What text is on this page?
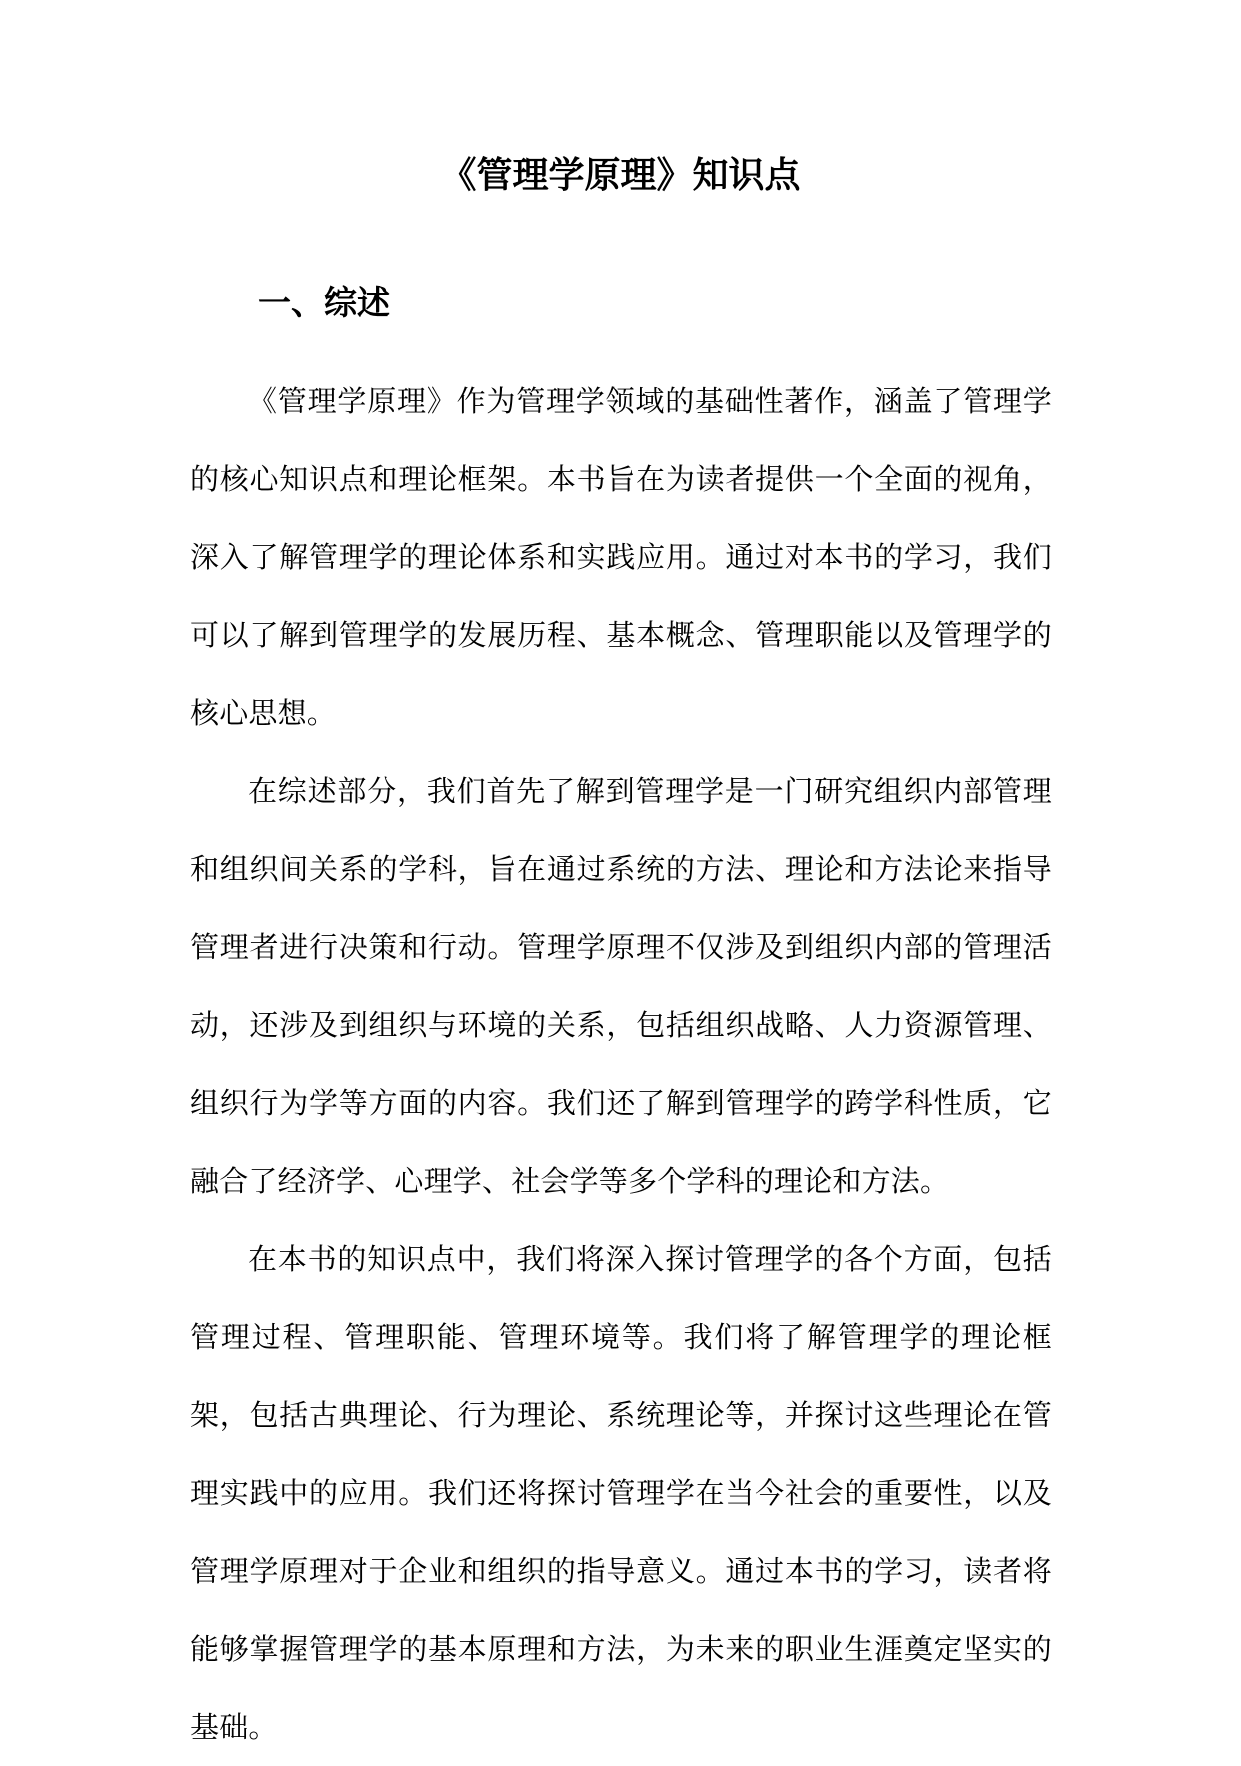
《管理学原理》知识点
一、综述

《管理学原理》作为管理学领域的基础性著作，涵盖了管理学的核心知识点和理论框架。本书旨在为读者提供一个全面的视角，深入了解管理学的理论体系和实践应用。通过对本书的学习，我们可以了解到管理学的发展历程、基本概念、管理职能以及管理学的核心思想。

在综述部分，我们首先了解到管理学是一门研究组织内部管理和组织间关系的学科，旨在通过系统的方法、理论和方法论来指导管理者进行决策和行动。管理学原理不仅涉及到组织内部的管理活动，还涉及到组织与环境的关系，包括组织战略、人力资源管理、组织行为学等方面的内容。我们还了解到管理学的跨学科性质，它融合了经济学、心理学、社会学等多个学科的理论和方法。

在本书的知识点中，我们将深入探讨管理学的各个方面，包括管理过程、管理职能、管理环境等。我们将了解管理学的理论框架，包括古典理论、行为理论、系统理论等，并探讨这些理论在管理实践中的应用。我们还将探讨管理学在当今社会的重要性，以及管理学原理对于企业和组织的指导意义。通过本书的学习，读者将能够掌握管理学的基本原理和方法，为未来的职业生涯奠定坚实的基础。
